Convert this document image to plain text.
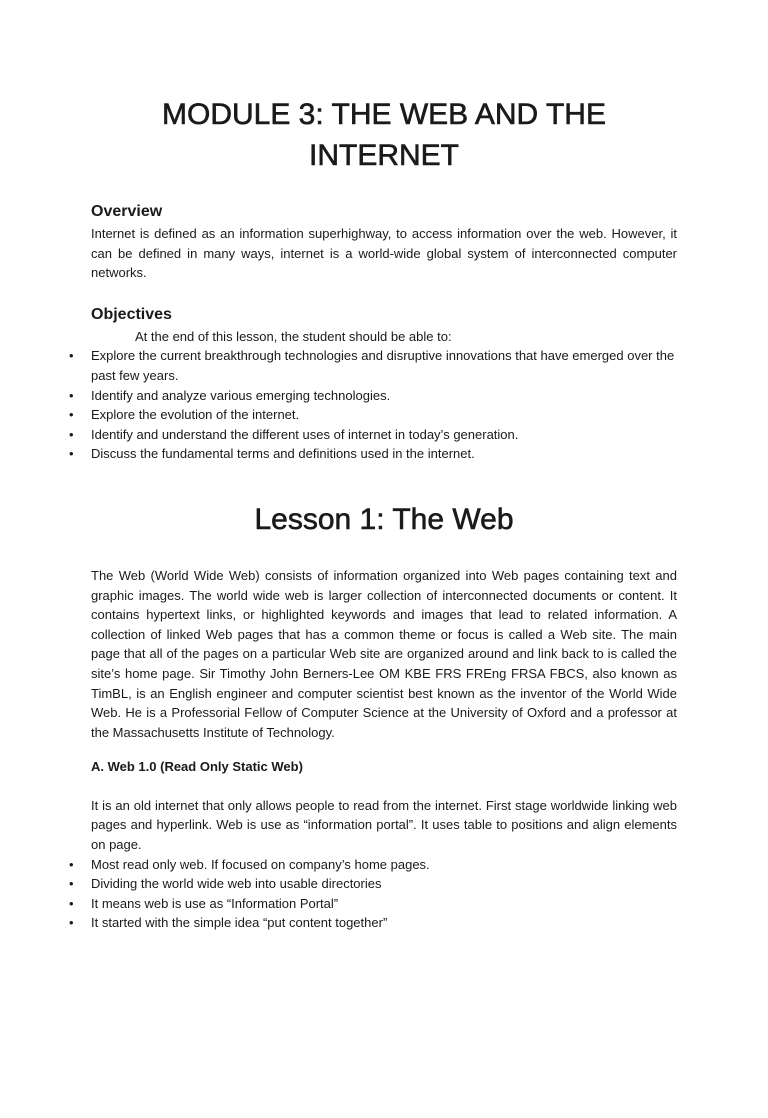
MODULE 3: THE WEB AND THE INTERNET
Overview

Internet is defined as an information superhighway, to access information over the web. However, it can be defined in many ways, internet is a world-wide global system of interconnected computer networks.

Objectives

At the end of this lesson, the student should be able to:

• Explore the current breakthrough technologies and disruptive innovations that have emerged over the past few years.
• Identify and analyze various emerging technologies.
• Explore the evolution of the internet.
• Identify and understand the different uses of internet in today’s generation.
• Discuss the fundamental terms and definitions used in the internet.
Lesson 1: The Web

The Web (World Wide Web) consists of information organized into Web pages containing text and graphic images. The world wide web is larger collection of interconnected documents or content. It contains hypertext links, or highlighted keywords and images that lead to related information. A collection of linked Web pages that has a common theme or focus is called a Web site. The main page that all of the pages on a particular Web site are organized around and link back to is called the site’s home page. Sir Timothy John Berners-Lee OM KBE FRS FREng FRSA FBCS, also known as TimBL, is an English engineer and computer scientist best known as the inventor of the World Wide Web. He is a Professorial Fellow of Computer Science at the University of Oxford and a professor at the Massachusetts Institute of Technology.

A. Web 1.0 (Read Only Static Web)

It is an old internet that only allows people to read from the internet. First stage worldwide linking web pages and hyperlink. Web is use as “information portal”. It uses table to positions and align elements on page.

• Most read only web. If focused on company’s home pages.
• Dividing the world wide web into usable directories
• It means web is use as “Information Portal”
• It started with the simple idea “put content together”
